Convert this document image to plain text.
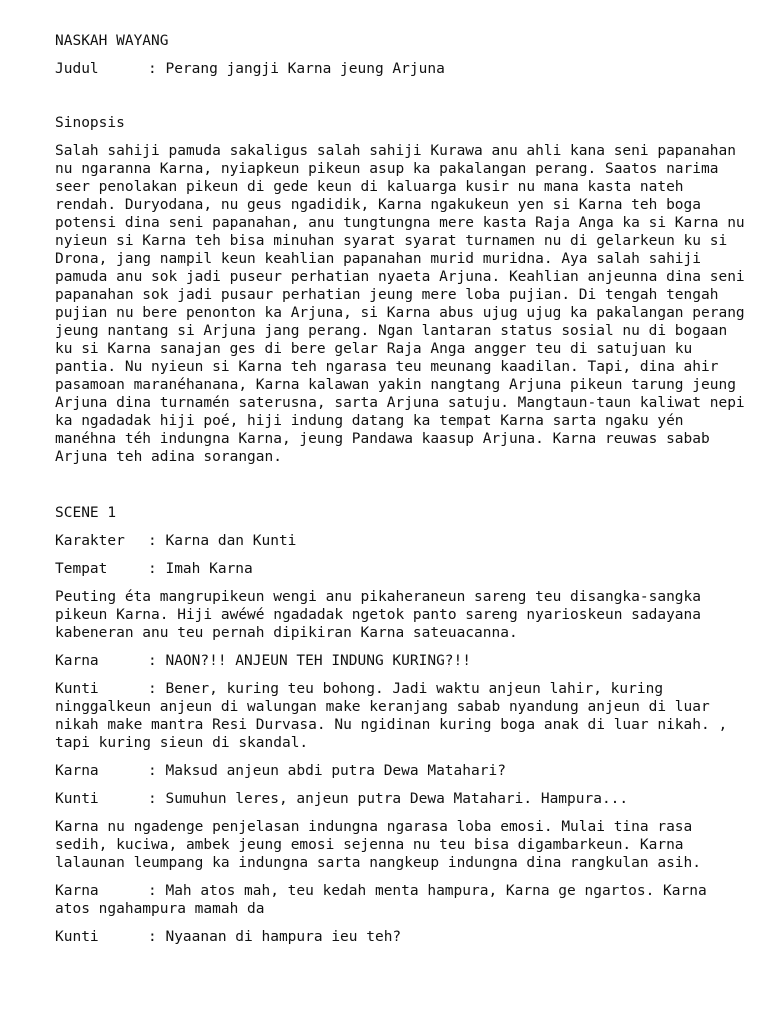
NASKAH WAYANG

Judul	: Perang jangji Karna jeung Arjuna

Sinopsis

Salah sahiji pamuda sakaligus salah sahiji Kurawa anu ahli kana seni papanahan nu ngaranna Karna, nyiapkeun pikeun asup ka pakalangan perang. Saatos narima seer penolakan pikeun di gede keun di kaluarga kusir nu mana kasta nateh rendah. Duryodana, nu geus ngadidik, Karna ngakukeun yen si Karna teh boga potensi dina seni papanahan, anu tungtungna mere kasta Raja Anga ka si Karna nu nyieun si Karna teh bisa minuhan syarat syarat turnamen nu di gelarkeun ku si Drona, jang nampil keun keahlian papanahan murid muridna. Aya salah sahiji pamuda anu sok jadi puseur perhatian nyaeta Arjuna. Keahlian anjeunna dina seni papanahan sok jadi pusaur perhatian jeung mere loba pujian. Di tengah tengah pujian nu bere penonton ka Arjuna, si Karna abus ujug ujug ka pakalangan perang jeung nantang si Arjuna jang perang. Ngan lantaran status sosial nu di bogaan ku si Karna sanajan ges di bere gelar Raja Anga angger teu di satujuan ku pantia. Nu nyieun si Karna teh ngarasa teu meunang kaadilan. Tapi, dina ahir pasamoan maranéhanana, Karna kalawan yakin nangtang Arjuna pikeun tarung jeung Arjuna dina turnamén saterusna, sarta Arjuna satuju. Mangtaun-taun kaliwat nepi ka ngadadak hiji poé, hiji indung datang ka tempat Karna sarta ngaku yén manéhna téh indungna Karna, jeung Pandawa kaasup Arjuna. Karna reuwas sabab Arjuna teh adina sorangan.

SCENE 1

Karakter : Karna dan Kunti

Tempat	: Imah Karna

Peuting éta mangrupikeun wengi anu pikaheraneun sareng teu disangka-sangka pikeun Karna. Hiji awéwé ngadadak ngetok panto sareng nyarioskeun sadayana kabeneran anu teu pernah dipikiran Karna sateuacanna.

Karna	: NAON?!! ANJEUN TEH INDUNG KURING?!!

Kunti	: Bener, kuring teu bohong. Jadi waktu anjeun lahir, kuring ninggalkeun anjeun di walungan make keranjang sabab nyandung anjeun di luar nikah make mantra Resi Durvasa. Nu ngidinan kuring boga anak di luar nikah. , tapi kuring sieun di skandal.

Karna	: Maksud anjeun abdi putra Dewa Matahari?

Kunti	: Sumuhun leres, anjeun putra Dewa Matahari. Hampura...

Karna nu ngadenge penjelasan indungna ngarasa loba emosi. Mulai tina rasa sedih, kuciwa, ambek jeung emosi sejenna nu teu bisa digambarkeun. Karna lalaunan leumpang ka indungna sarta nangkeup indungna dina rangkulan asih.

Karna	: Mah atos mah, teu kedah menta hampura, Karna ge ngartos. Karna atos ngahampura mamah da

Kunti	: Nyaanan di hampura ieu teh?
